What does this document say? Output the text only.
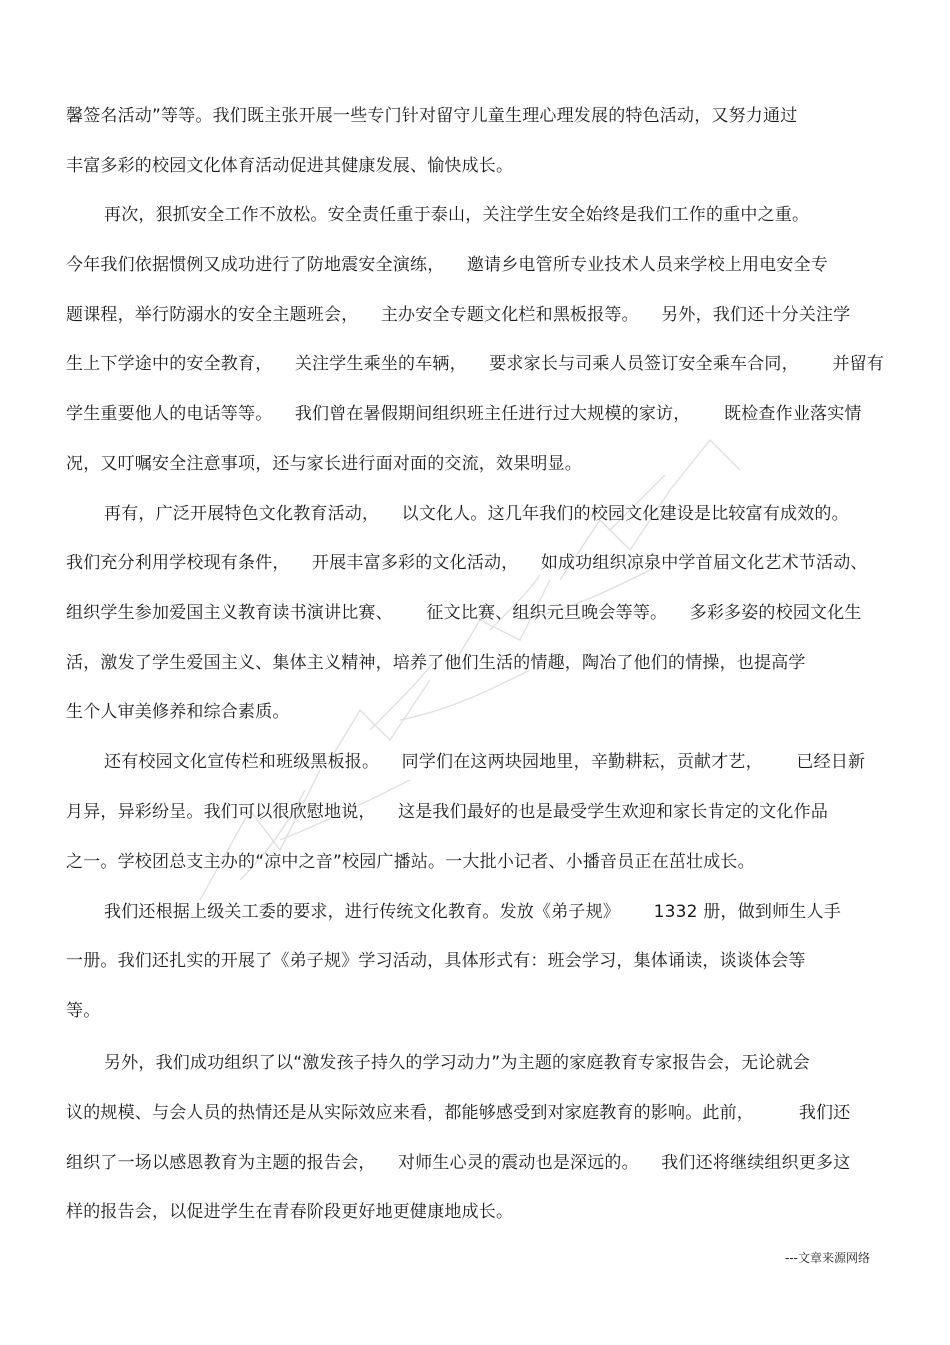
馨签名活动”等等。我们既主张开展一些专门针对留守儿童生理心理发展的特色活动，又努力通过
丰富多彩的校园文化体育活动促进其健康发展、愉快成长。
再次，狠抓安全工作不放松。安全责任重于泰山，关注学生安全始终是我们工作的重中之重。
今年我们依据惯例又成功进行了防地震安全演练，    邀请乡电管所专业技术人员来学校上用电安全专
题课程，举行防溺水的安全主题班会，    主办安全专题文化栏和黑板报等。    另外，我们还十分关注学
生上下学途中的安全教育，    关注学生乘坐的车辆，    要求家长与司乘人员签订安全乘车合同，      并留有
学生重要他人的电话等等。    我们曾在暑假期间组织班主任进行过大规模的家访，      既检查作业落实情
况，又叮嘱安全注意事项，还与家长进行面对面的交流，效果明显。
再有，广泛开展特色文化教育活动，    以文化人。这几年我们的校园文化建设是比较富有成效的。
我们充分利用学校现有条件，    开展丰富多彩的文化活动，    如成功组织凉泉中学首届文化艺术节活动、
组织学生参加爱国主义教育读书演讲比赛、      征文比赛、组织元旦晚会等等。    多彩多姿的校园文化生
活，激发了学生爱国主义、集体主义精神，培养了他们生活的情趣，陶冶了他们的情操，也提高学
生个人审美修养和综合素质。
还有校园文化宣传栏和班级黑板报。    同学们在这两块园地里，辛勤耕耘，贡献才艺，      已经日新
月异，异彩纷呈。我们可以很欣慰地说，    这是我们最好的也是最受学生欢迎和家长肯定的文化作品
之一。学校团总支主办的“凉中之音”校园广播站。一大批小记者、小播音员正在茁壮成长。
我们还根据上级关工委的要求，进行传统文化教育。发放《弟子规》      1332 册，做到师生人手
一册。我们还扎实的开展了《弟子规》学习活动，具体形式有：班会学习，集体诵读，谈谈体会等
等。
另外，我们成功组织了以“激发孩子持久的学习动力”为主题的家庭教育专家报告会，无论就会
议的规模、与会人员的热情还是从实际效应来看，都能够感受到对家庭教育的影响。此前，        我们还
组织了一场以感恩教育为主题的报告会，    对师生心灵的震动也是深远的。    我们还将继续组织更多这
样的报告会，以促进学生在青春阶段更好地更健康地成长。
---文章来源网络
